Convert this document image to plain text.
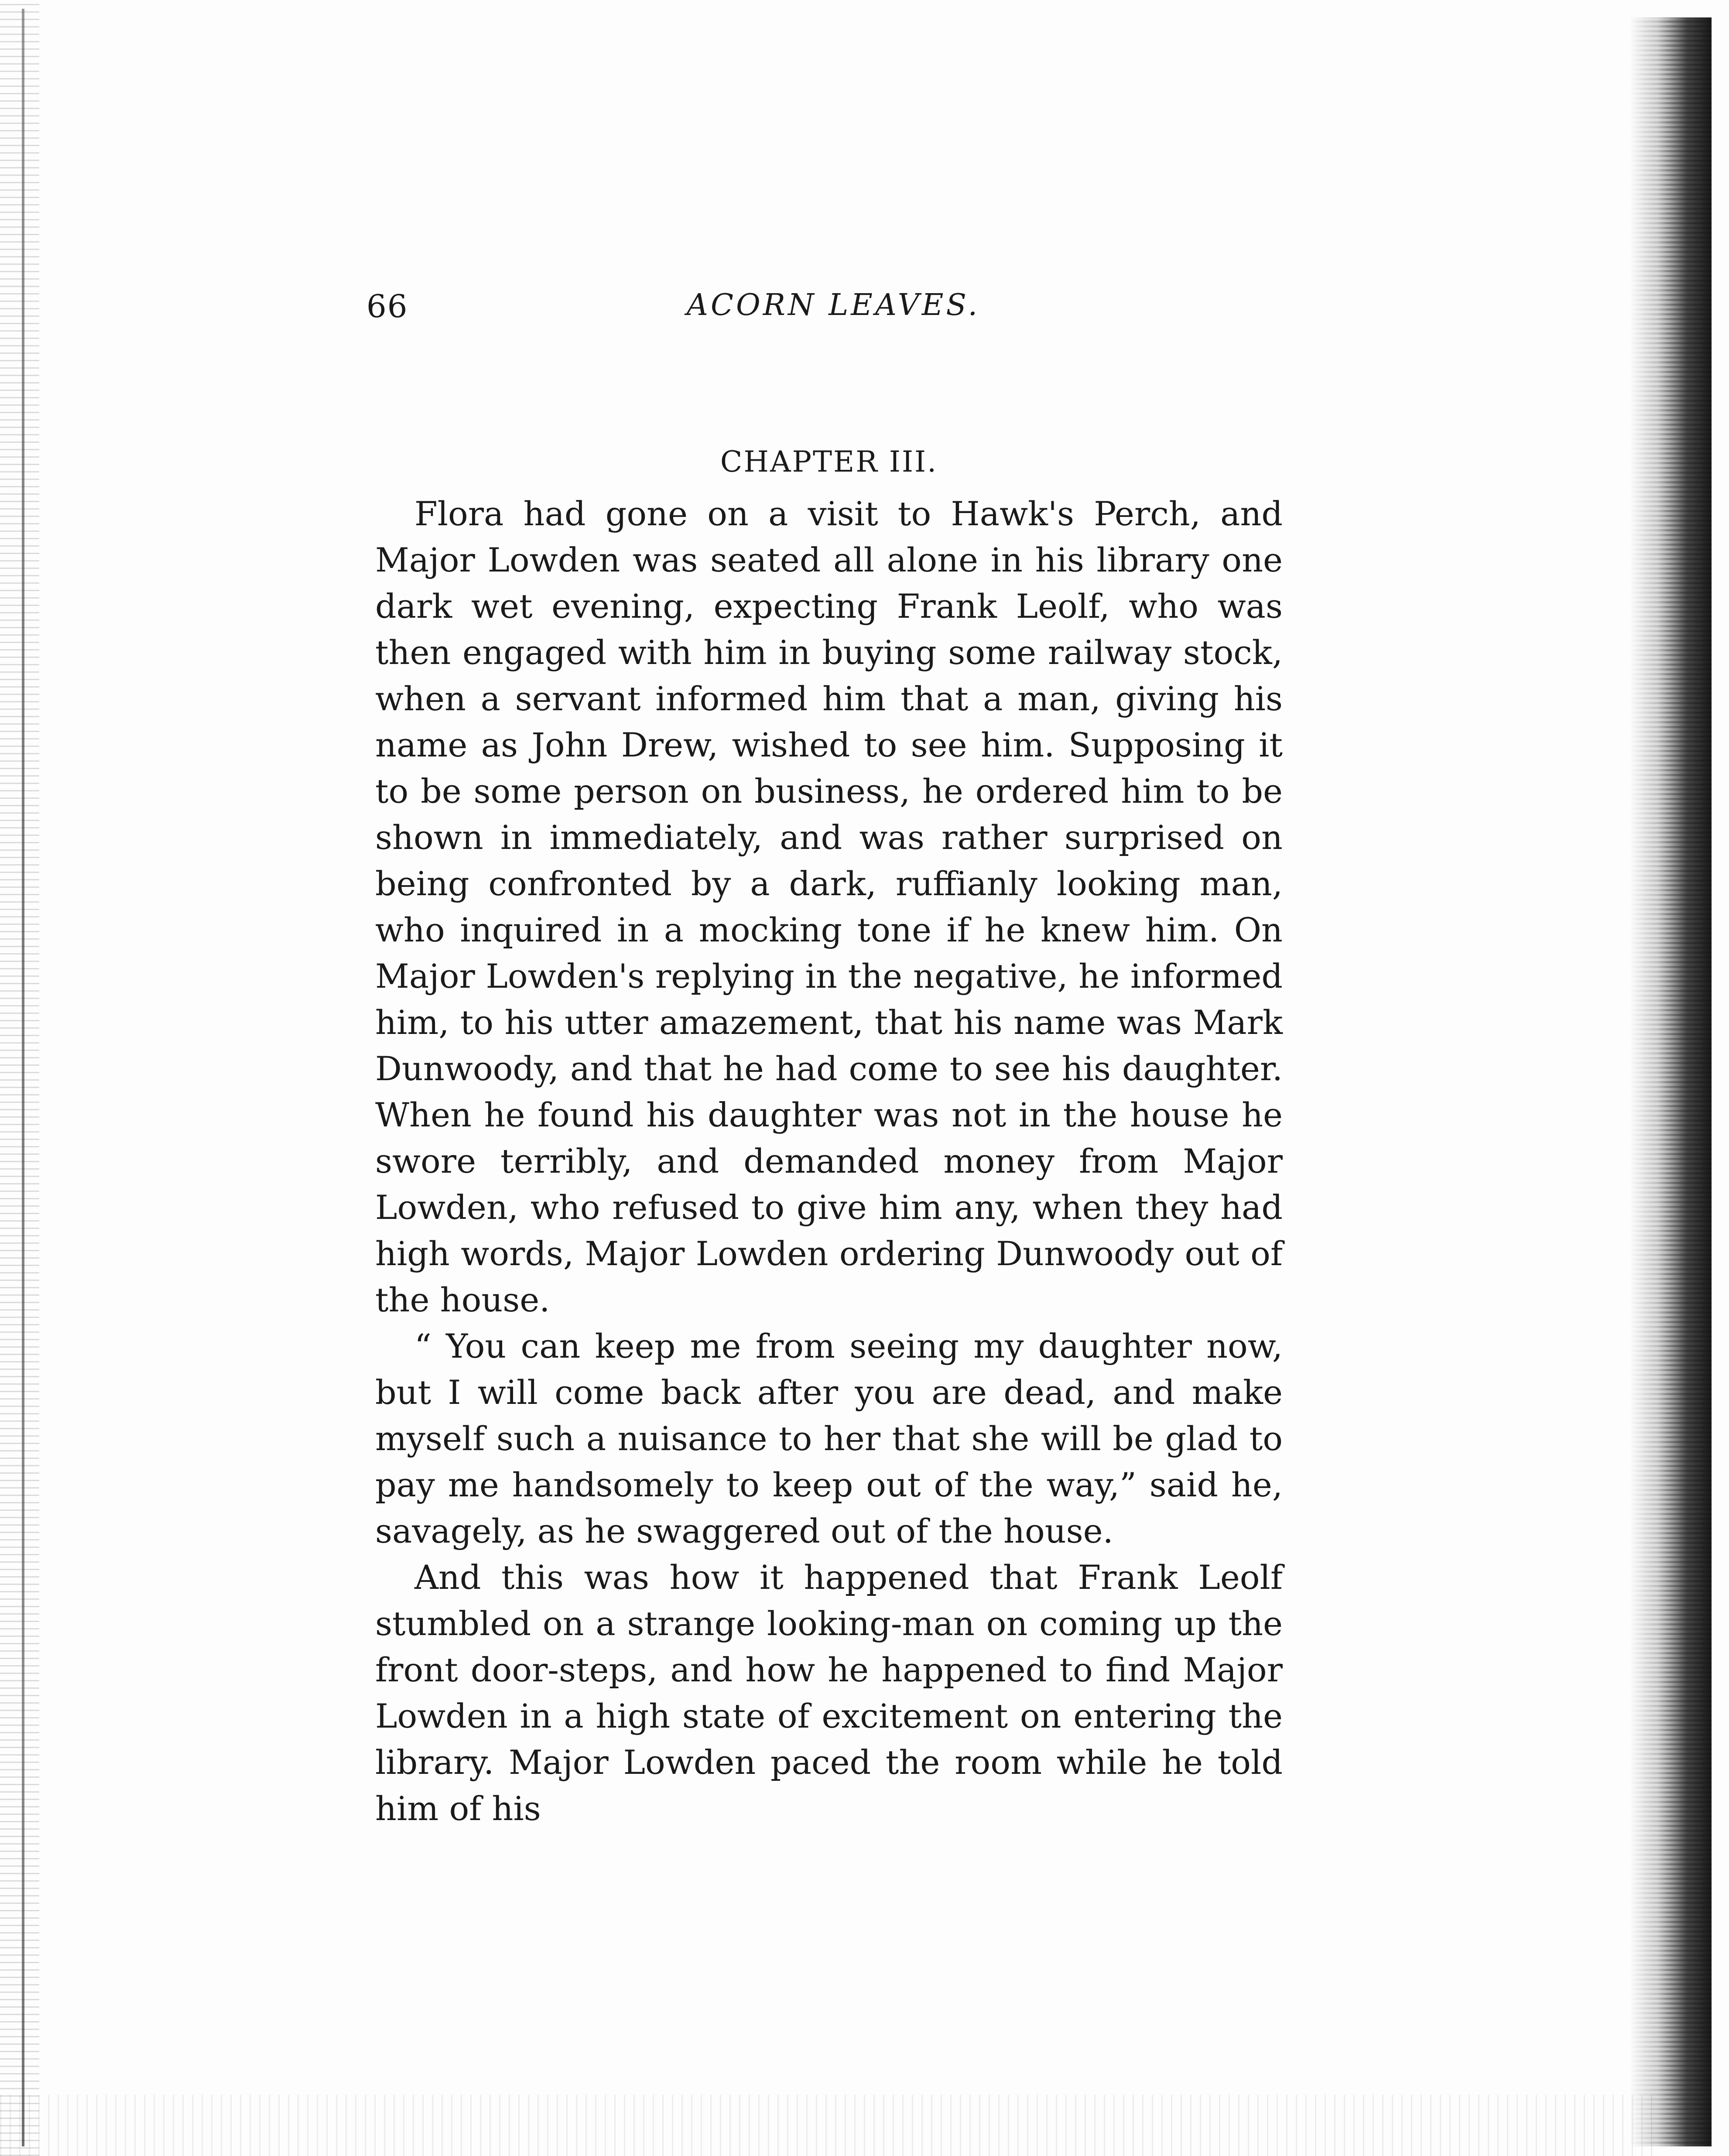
66	ACORN LEAVES.
CHAPTER III.

Flora had gone on a visit to Hawk's Perch, and Major Lowden was seated all alone in his library one dark wet evening, expecting Frank Leolf, who was then engaged with him in buying some railway stock, when a servant informed him that a man, giving his name as John Drew, wished to see him. Supposing it to be some person on business, he ordered him to be shown in immediately, and was rather surprised on being confronted by a dark, ruffianly looking man, who inquired in a mocking tone if he knew him. On Major Lowden's replying in the negative, he informed him, to his utter amazement, that his name was Mark Dunwoody, and that he had come to see his daughter. When he found his daughter was not in the house he swore terribly, and demanded money from Major Lowden, who refused to give him any, when they had high words, Major Lowden ordering Dunwoody out of the house.

“ You can keep me from seeing my daughter now, but I will come back after you are dead, and make myself such a nuisance to her that she will be glad to pay me handsomely to keep out of the way,” said he, savagely, as he swaggered out of the house.

And this was how it happened that Frank Leolf stumbled on a strange looking-man on coming up the front door-steps, and how he happened to find Major Lowden in a high state of excitement on entering the library. Major Lowden paced the room while he told him of his
